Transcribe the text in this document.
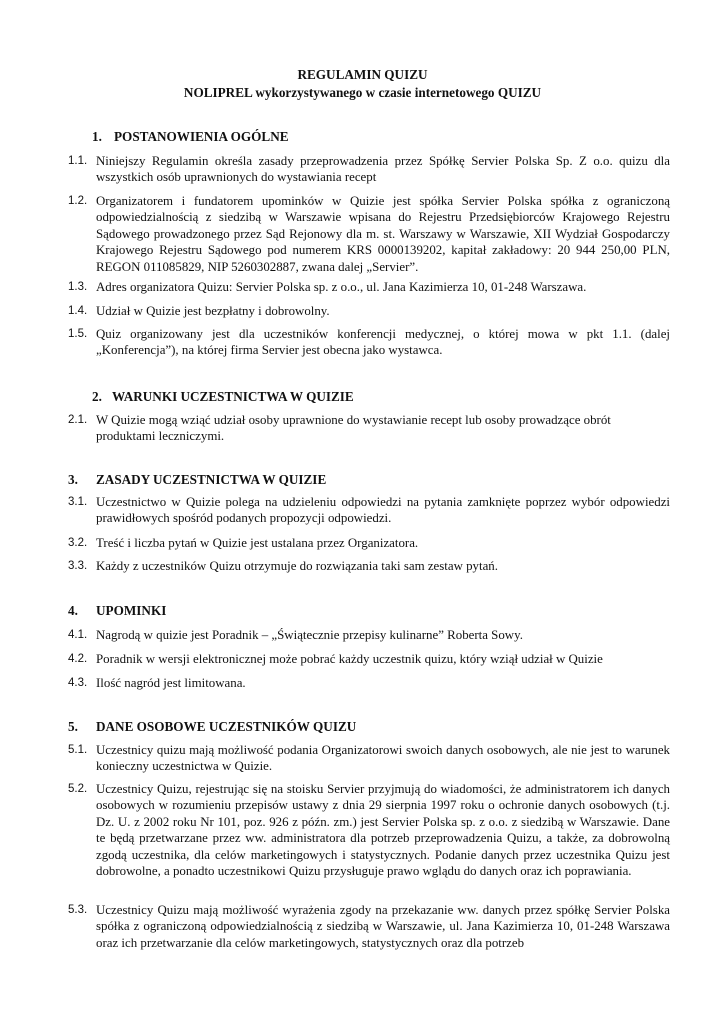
REGULAMIN QUIZU
NOLIPREL wykorzystywanego w czasie internetowego QUIZU
1. POSTANOWIENIA OGÓLNE
1.1. Niniejszy Regulamin określa zasady przeprowadzenia przez Spółkę Servier Polska Sp. Z o.o. quizu dla wszystkich osób uprawnionych do wystawiania recept
1.2. Organizatorem i fundatorem upominków w Quizie jest spółka Servier Polska spółka z ograniczoną odpowiedzialnością z siedzibą w Warszawie wpisana do Rejestru Przedsiębiorców Krajowego Rejestru Sądowego prowadzonego przez Sąd Rejonowy dla m. st. Warszawy w Warszawie, XII Wydział Gospodarczy Krajowego Rejestru Sądowego pod numerem KRS 0000139202, kapitał zakładowy: 20 944 250,00 PLN, REGON 011085829, NIP 5260302887, zwana dalej „Servier”.
1.3. Adres organizatora Quizu: Servier Polska sp. z o.o., ul. Jana Kazimierza 10, 01-248 Warszawa.
1.4. Udział w Quizie jest bezpłatny i dobrowolny.
1.5. Quiz organizowany jest dla uczestników konferencji medycznej, o której mowa w pkt 1.1. (dalej „Konferencja”), na której firma Servier jest obecna jako wystawca.
2. WARUNKI UCZESTNICTWA W QUIZIE
2.1. W Quizie mogą wziąć udział osoby uprawnione do wystawianie recept lub osoby prowadzące obrót produktami leczniczymi.
3. ZASADY UCZESTNICTWA W QUIZIE
3.1. Uczestnictwo w Quizie polega na udzieleniu odpowiedzi na pytania zamknięte poprzez wybór odpowiedzi prawidłowych spośród podanych propozycji odpowiedzi.
3.2. Treść i liczba pytań w Quizie jest ustalana przez Organizatora.
3.3. Każdy z uczestników Quizu otrzymuje do rozwiązania taki sam zestaw pytań.
4. UPOMINKI
4.1. Nagrodą w quizie jest Poradnik – „Świątecznie przepisy kulinarne” Roberta Sowy.
4.2. Poradnik w wersji elektronicznej może pobrać każdy uczestnik quizu, który wziął udział w Quizie
4.3. Ilość nagród jest limitowana.
5. DANE OSOBOWE UCZESTNIKÓW QUIZU
5.1. Uczestnicy quizu mają możliwość podania Organizatorowi swoich danych osobowych, ale nie jest to warunek konieczny uczestnictwa w Quizie.
5.2. Uczestnicy Quizu, rejestrując się na stoisku Servier przyjmują do wiadomości, że administratorem ich danych osobowych w rozumieniu przepisów ustawy z dnia 29 sierpnia 1997 roku o ochronie danych osobowych (t.j. Dz. U. z 2002 roku Nr 101, poz. 926 z późn. zm.) jest Servier Polska sp. z o.o. z siedzibą w Warszawie. Dane te będą przetwarzane przez ww. administratora dla potrzeb przeprowadzenia Quizu, a także, za dobrowolną zgodą uczestnika, dla celów marketingowych i statystycznych. Podanie danych przez uczestnika Quizu jest dobrowolne, a ponadto uczestnikowi Quizu przysługuje prawo wglądu do danych oraz ich poprawiania.
5.3. Uczestnicy Quizu mają możliwość wyrażenia zgody na przekazanie ww. danych przez spółkę Servier Polska spółka z ograniczoną odpowiedzialnością z siedzibą w Warszawie, ul. Jana Kazimierza 10, 01-248 Warszawa oraz ich przetwarzanie dla celów marketingowych, statystycznych oraz dla potrzeb
